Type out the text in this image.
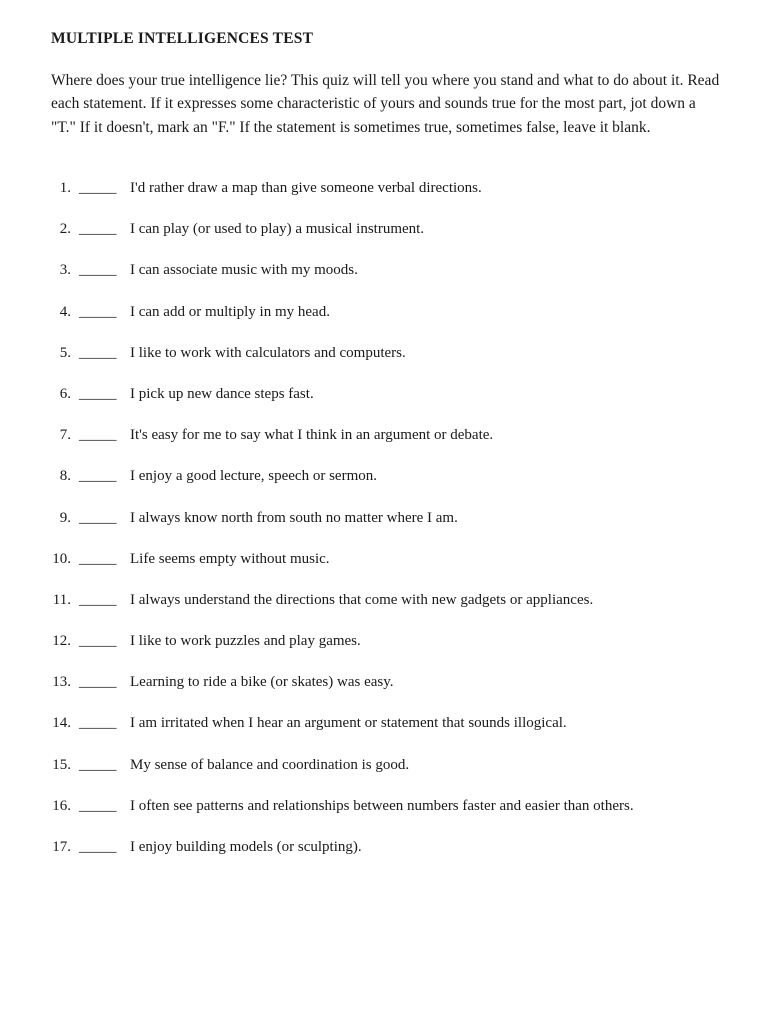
MULTIPLE INTELLIGENCES TEST

Where does your true intelligence lie? This quiz will tell you where you stand and what to do about it. Read each statement. If it expresses some characteristic of yours and sounds true for the most part, jot down a "T." If it doesn't, mark an "F." If the statement is sometimes true, sometimes false, leave it blank.

1. _____ I'd rather draw a map than give someone verbal directions.
2. _____ I can play (or used to play) a musical instrument.
3. _____ I can associate music with my moods.
4. _____ I can add or multiply in my head.
5. _____ I like to work with calculators and computers.
6. _____ I pick up new dance steps fast.
7. _____ It's easy for me to say what I think in an argument or debate.
8. _____ I enjoy a good lecture, speech or sermon.
9. _____ I always know north from south no matter where I am.
10. _____ Life seems empty without music.
11. _____ I always understand the directions that come with new gadgets or appliances.
12. _____ I like to work puzzles and play games.
13. _____ Learning to ride a bike (or skates) was easy.
14. _____ I am irritated when I hear an argument or statement that sounds illogical.
15. _____ My sense of balance and coordination is good.
16. _____ I often see patterns and relationships between numbers faster and easier than others.
17. _____ I enjoy building models (or sculpting).
